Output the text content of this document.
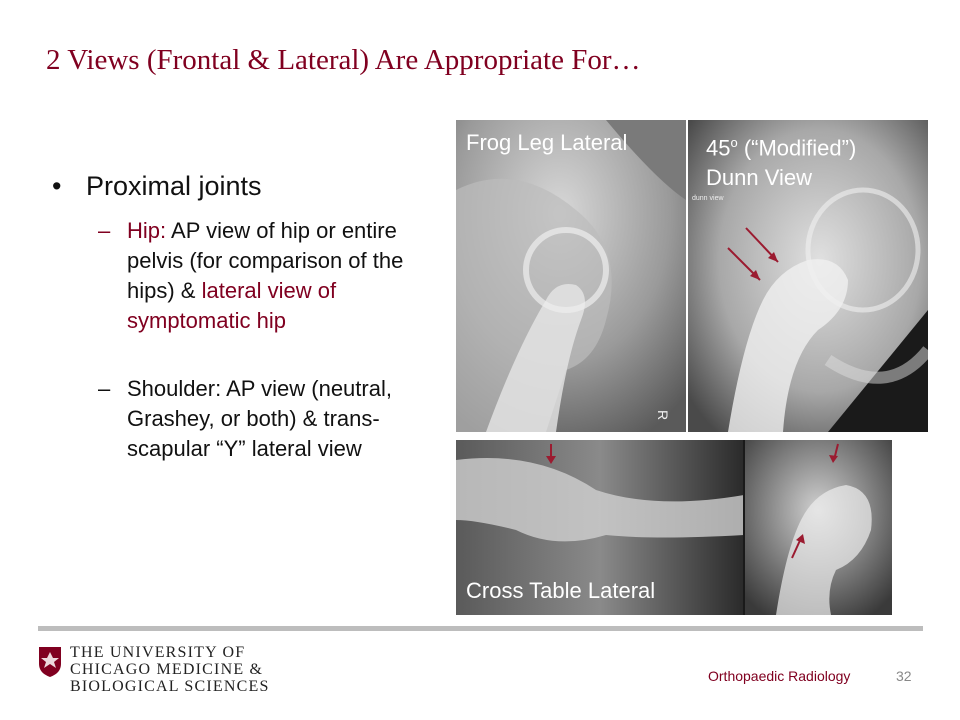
2 Views (Frontal & Lateral) Are Appropriate For…
• Proximal joints
– Hip: AP view of hip or entire pelvis (for comparison of the hips) & lateral view of symptomatic hip
– Shoulder: AP view (neutral, Grashey, or both) & trans-scapular “Y” lateral view
R
Frog Leg Lateral
dunn view
45$^o$ (“Modified”)
Dunn View
Cross Table Lateral
THE UNIVERSITY OF
CHICAGO MEDICINE &
BIOLOGICAL SCIENCES
Orthopaedic Radiology	32
